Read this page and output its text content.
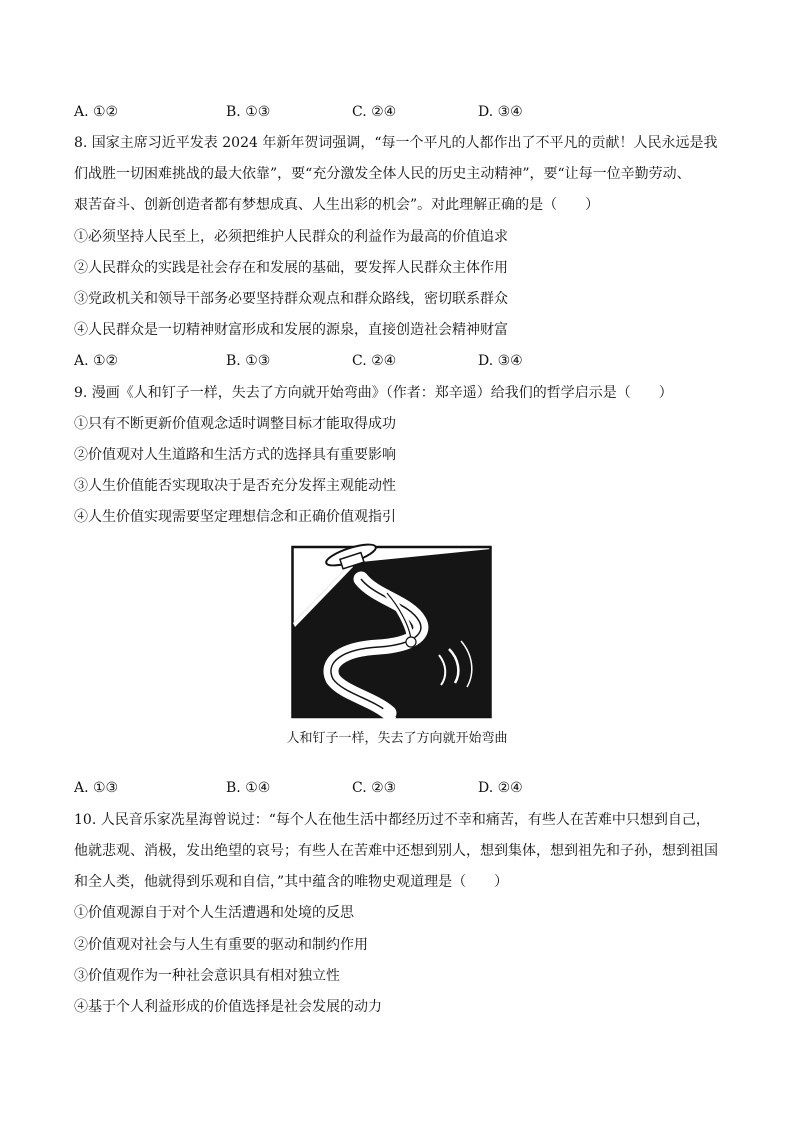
A. ①②	B. ①③	C. ②④	D. ③④
8. 国家主席习近平发表 2024 年新年贺词强调，“每一个平凡的人都作出了不平凡的贡献！人民永远是我
们战胜一切困难挑战的最大依靠”，要“充分激发全体人民的历史主动精神”，要“让每一位辛勤劳动、
艰苦奋斗、创新创造者都有梦想成真、人生出彩的机会”。对此理解正确的是（　　）
①必须坚持人民至上，必须把维护人民群众的利益作为最高的价值追求
②人民群众的实践是社会存在和发展的基础，要发挥人民群众主体作用
③党政机关和领导干部务必要坚持群众观点和群众路线，密切联系群众
④人民群众是一切精神财富形成和发展的源泉，直接创造社会精神财富
A. ①②	B. ①③	C. ②④	D. ③④
9. 漫画《人和钉子一样，失去了方向就开始弯曲》（作者：郑辛遥）给我们的哲学启示是（　　）
①只有不断更新价值观念适时调整目标才能取得成功
②价值观对人生道路和生活方式的选择具有重要影响
③人生价值能否实现取决于是否充分发挥主观能动性
④人生价值实现需要坚定理想信念和正确价值观指引
人和钉子一样，失去了方向就开始弯曲
A. ①③	B. ①④	C. ②③	D. ②④
10. 人民音乐家冼星海曾说过：“每个人在他生活中都经历过不幸和痛苦，有些人在苦难中只想到自己，
他就悲观、消极，发出绝望的哀号；有些人在苦难中还想到别人，想到集体，想到祖先和子孙，想到祖国
和全人类，他就得到乐观和自信，”其中蕴含的唯物史观道理是（　　）
①价值观源自于对个人生活遭遇和处境的反思
②价值观对社会与人生有重要的驱动和制约作用
③价值观作为一种社会意识具有相对独立性
④基于个人利益形成的价值选择是社会发展的动力
